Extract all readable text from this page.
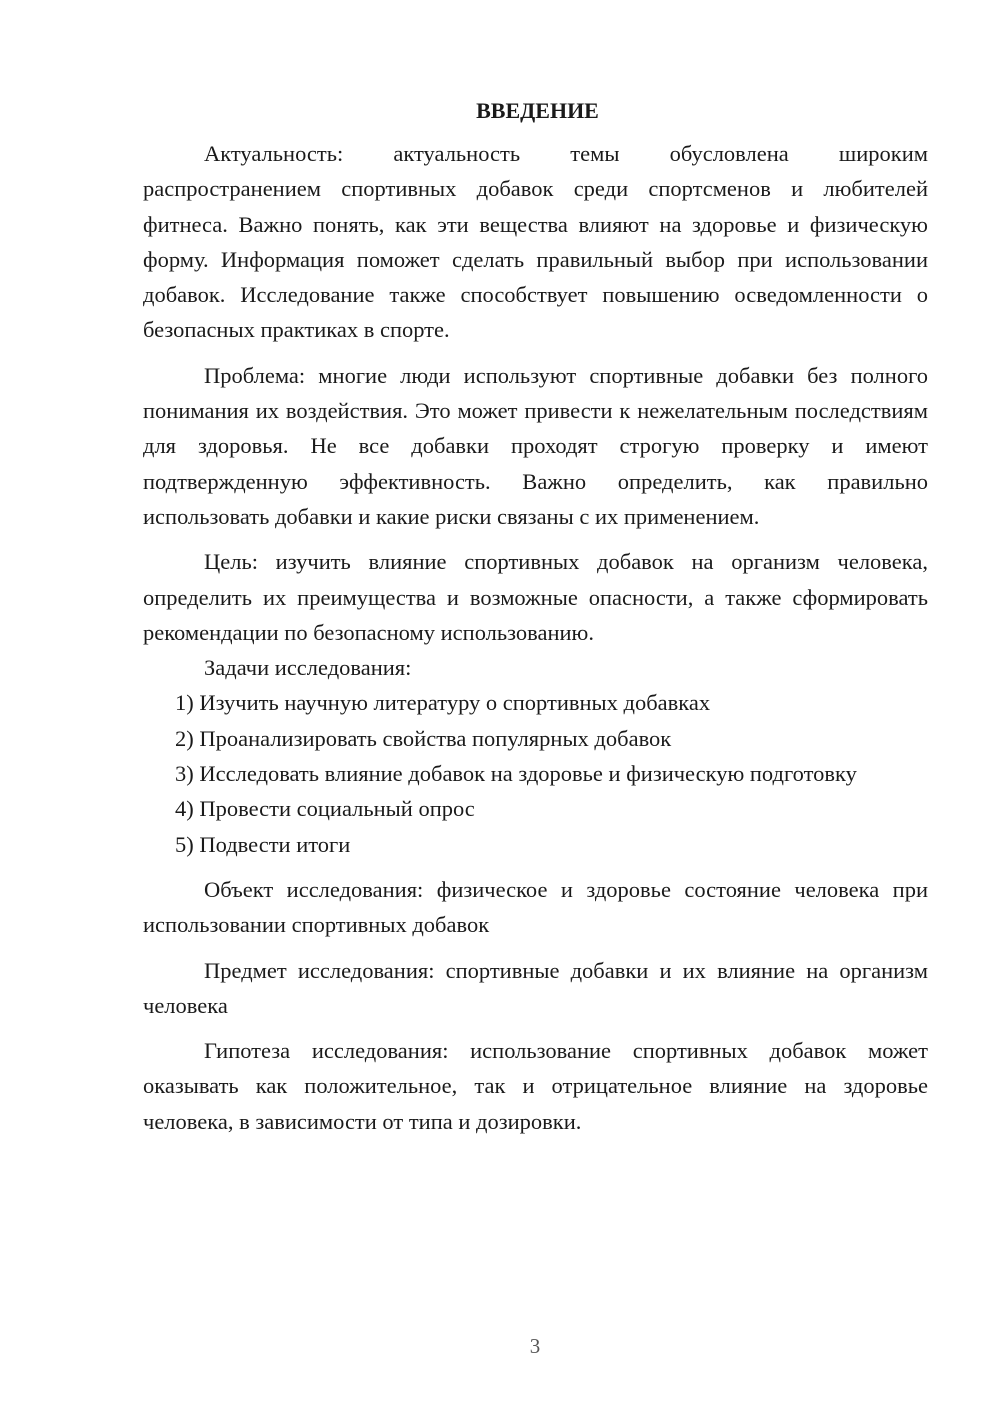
ВВЕДЕНИЕ

Актуальность: актуальность темы обусловлена широким распространением спортивных добавок среди спортсменов и любителей фитнеса. Важно понять, как эти вещества влияют на здоровье и физическую форму. Информация поможет сделать правильный выбор при использовании добавок. Исследование также способствует повышению осведомленности о безопасных практиках в спорте.

Проблема: многие люди используют спортивные добавки без полного понимания их воздействия. Это может привести к нежелательным последствиям для здоровья. Не все добавки проходят строгую проверку и имеют подтвержденную эффективность. Важно определить, как правильно использовать добавки и какие риски связаны с их применением.

Цель: изучить влияние спортивных добавок на организм человека, определить их преимущества и возможные опасности, а также сформировать рекомендации по безопасному использованию.

Задачи исследования:

1) Изучить научную литературу о спортивных добавках

2) Проанализировать свойства популярных добавок

3) Исследовать влияние добавок на здоровье и физическую подготовку

4) Провести социальный опрос

5) Подвести итоги

Объект исследования: физическое и здоровье состояние человека при использовании спортивных добавок

Предмет исследования: спортивные добавки и их влияние на организм человека

Гипотеза исследования: использование спортивных добавок может оказывать как положительное, так и отрицательное влияние на здоровье человека, в зависимости от типа и дозировки.

3
